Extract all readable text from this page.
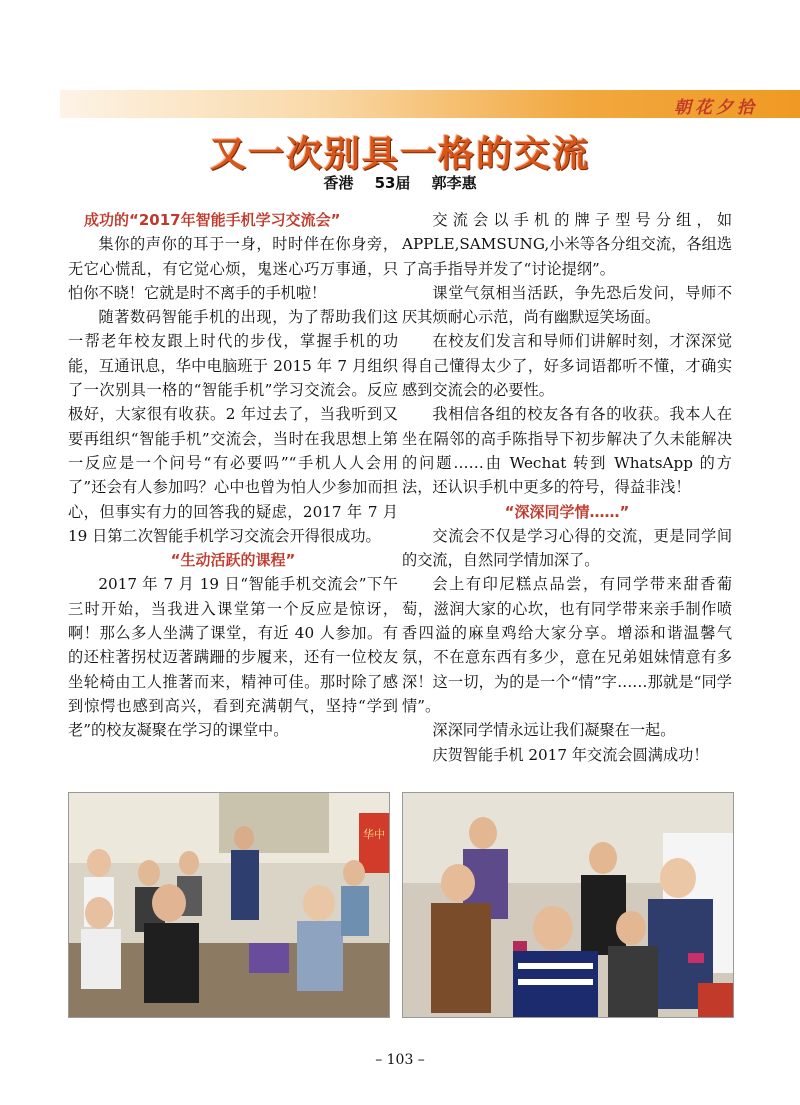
朝花夕拾
又一次别具一格的交流
香港 53届 郭李惠
成功的“2017年智能手机学习交流会”

集你的声你的耳于一身，时时伴在你身旁，无它心慌乱，有它觉心烦，鬼迷心巧万事通，只怕你不晓！它就是时不离手的手机啦！

随著数码智能手机的出现，为了帮助我们这一帮老年校友跟上时代的步伐，掌握手机的功能，互通讯息，华中电脑班于 2015 年 7 月组织了一次别具一格的“智能手机”学习交流会。反应极好，大家很有收获。2 年过去了，当我听到又要再组织“智能手机”交流会，当时在我思想上第一反应是一个问号“有必要吗”“手机人人会用了”还会有人参加吗？心中也曾为怕人少参加而担心，但事实有力的回答我的疑虑，2017 年 7 月 19 日第二次智能手机学习交流会开得很成功。

“生动活跃的课程”

2017 年 7 月 19 日“智能手机交流会”下午三时开始，当我进入课堂第一个反应是惊讶，啊！那么多人坐满了课堂，有近 40 人参加。有的还柱著拐杖迈著蹒跚的步履来，还有一位校友坐轮椅由工人推著而来，精神可佳。那时除了感到惊愕也感到高兴，看到充满朝气，坚持“学到老”的校友凝聚在学习的课堂中。

交流会以手机的牌子型号分组，如APPLE,SAMSUNG,小米等各分组交流，各组选了高手指导并发了“讨论提纲”。

课堂气氛相当活跃，争先恐后发问，导师不厌其烦耐心示范，尚有幽默逗笑场面。

在校友们发言和导师们讲解时刻，才深深觉得自己懂得太少了，好多词语都听不懂，才确实感到交流会的必要性。

我相信各组的校友各有各的收获。我本人在坐在隔邻的高手陈指导下初步解决了久未能解决的问题……由 Wechat 转到 WhatsApp 的方法，还认识手机中更多的符号，得益非浅！

“深深同学情……”

交流会不仅是学习心得的交流，更是同学间的交流，自然同学情加深了。

会上有印尼糕点品尝，有同学带来甜香葡萄，滋润大家的心坎，也有同学带来亲手制作喷香四溢的麻皇鸡给大家分享。增添和谐温馨气氛，不在意东西有多少，意在兄弟姐妹情意有多深！这一切，为的是一个“情”字……那就是“同学情”。

深深同学情永远让我们凝聚在一起。

庆贺智能手机 2017 年交流会圆满成功！

华中
– 103 –
